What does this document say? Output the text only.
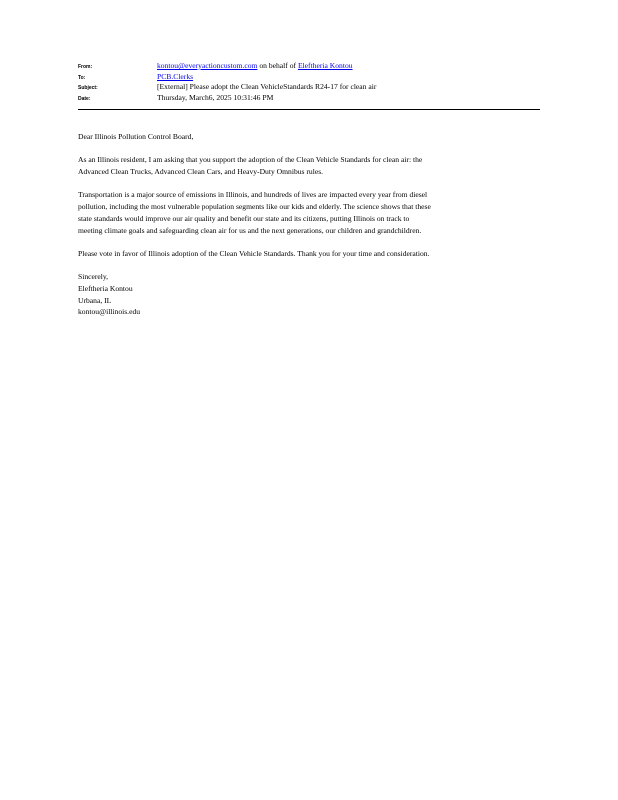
From:	kontou@everyactioncustom.com on behalf of Eleftheria Kontou
To:	PCB.Clerks
Subject:	[External] Please adopt the Clean VehicleStandards R24-17 for clean air
Date:	Thursday, March6, 2025 10:31:46 PM

Dear Illinois Pollution Control Board,

As an Illinois resident, I am asking that you support the adoption of the Clean Vehicle Standards for clean air: the
Advanced Clean Trucks, Advanced Clean Cars, and Heavy-Duty Omnibus rules.

Transportation is a major source of emissions in Illinois, and hundreds of lives are impacted every year from diesel
pollution, including the most vulnerable population segments like our kids and elderly. The science shows that these
state standards would improve our air quality and benefit our state and its citizens, putting Illinois on track to
meeting climate goals and safeguarding clean air for us and the next generations, our children and grandchildren.

Please vote in favor of Illinois adoption of the Clean Vehicle Standards. Thank you for your time and consideration.

Sincerely,
Eleftheria Kontou
Urbana, IL
kontou@illinois.edu
